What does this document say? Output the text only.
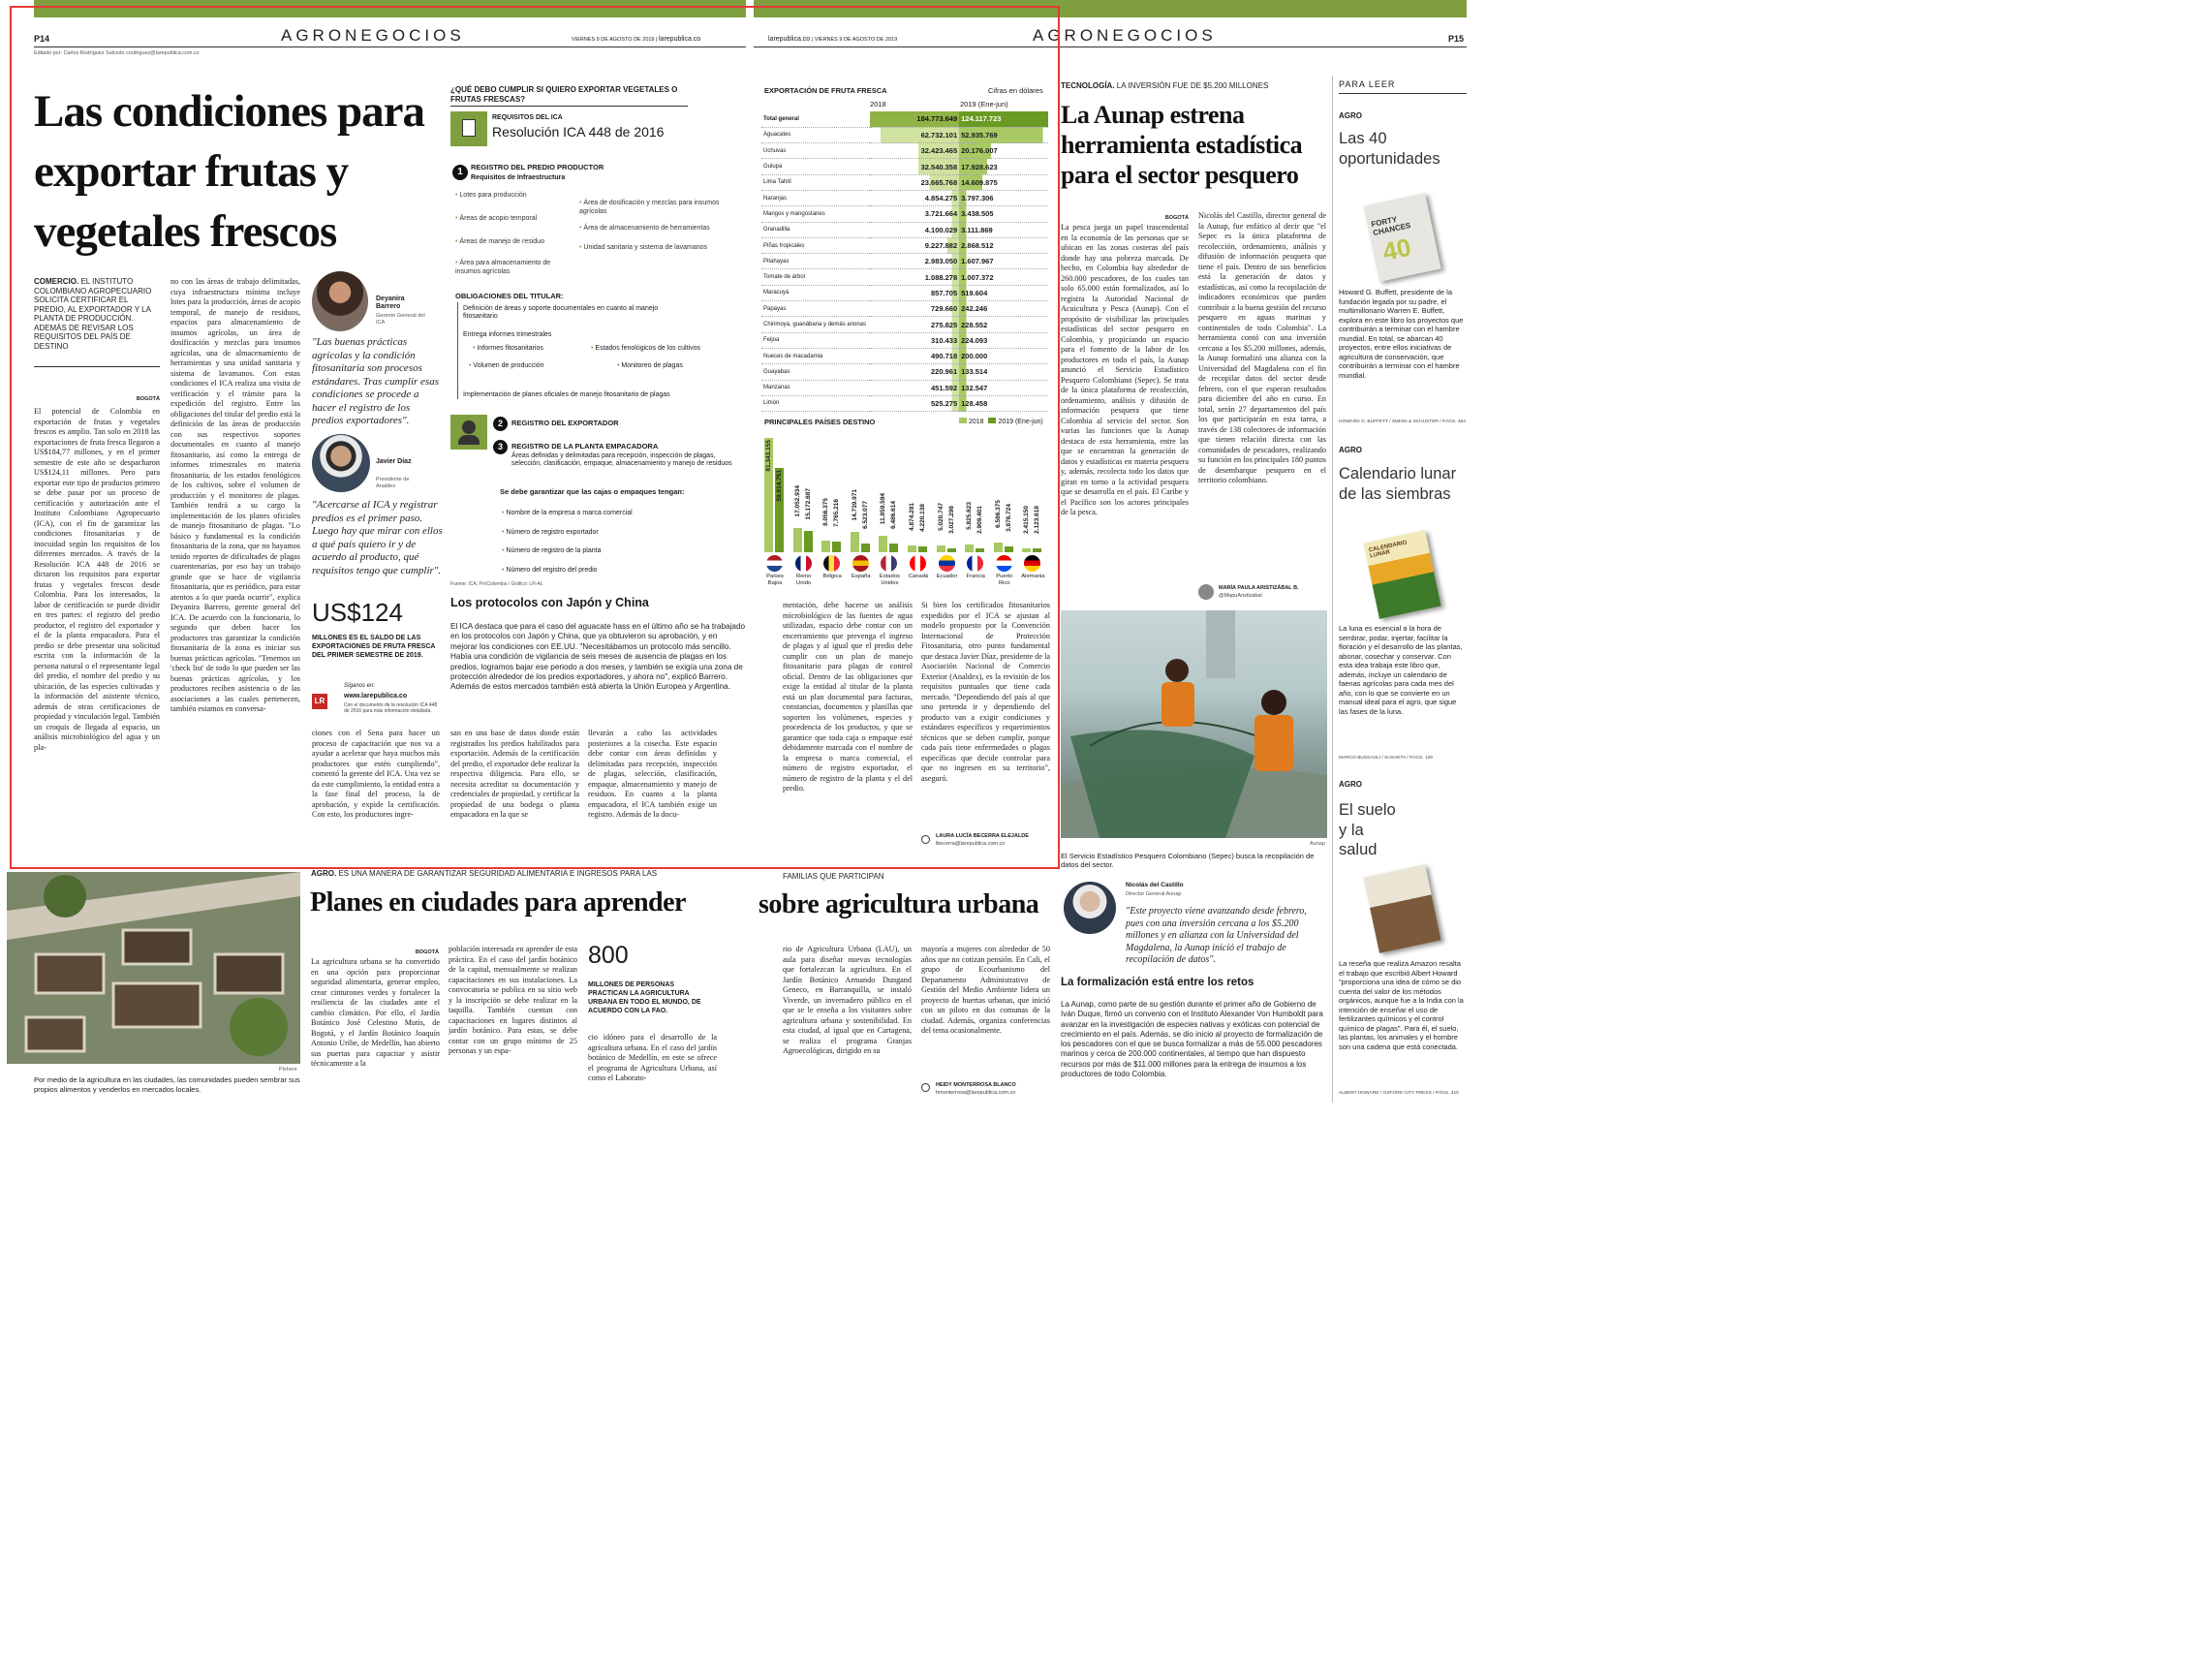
P14	AGRONEGOCIOS	VIERNES 9 DE AGOSTO DE 2019 | larepublica.co
Editado por: Carlos Rodríguez Salcedo crodriguez@larepublica.com.co
Las condiciones para exportar frutas y vegetales frescos
COMERCIO. EL INSTITUTO COLOMBIANO AGROPECUARIO SOLICITA CERTIFICAR EL PREDIO, AL EXPORTADOR Y LA PLANTA DE PRODUCCIÓN. ADEMÁS DE REVISAR LOS REQUISITOS DEL PAÍS DE DESTINO
BOGOTÁ
El potencial de Colombia en exportación de frutas y vegetales frescos es amplio. Tan solo en 2018 las exportaciones de fruta fresca llegaron a US$184,77 millones, y en el primer semestre de este año se despacharon US$124,11 millones. Pero para exportar este tipo de productos primero se debe pasar por un proceso de certificación y autorización ante el Instituto Colombiano Agropecuario (ICA), con el fin de garantizar las condiciones fitosanitarias y de inocuidad según los requisitos de los diferentes mercados. A través de la Resolución ICA 448 de 2016 se dictaron los requisitos para exportar frutas y vegetales frescos desde Colombia. Para los interesados, la labor de certificación se puede dividir en tres partes: el registro del predio productor, el registro del exportador y el de la planta empacadora. Para el predio se debe presentar una solicitud escrita con la información de la persona natural o el representante legal del predio, el nombre del predio y su ubicación, de las especies cultivadas y la información del asistente técnico, además de otras certificaciones de propiedad y vinculación legal. También un croquis de llegada al espacio, un análisis microbiológico del agua y un pla-
no con las áreas de trabajo delimitadas, cuya infraestructura mínima incluye lotes para la producción, áreas de acopio temporal, de manejo de residuos, espacios para almacenamiento de insumos agrícolas, un área de dosificación y mezclas para insumos agrícolas, una de almacenamiento de herramientas y una unidad sanitaria y sistema de lavamanos. Con estas condiciones el ICA realiza una visita de verificación y el trámite para la expedición del registro. Entre las obligaciones del titular del predio está la definición de las áreas de producción con sus respectivos soportes documentales en cuanto al manejo fitosanitario, así como la entrega de informes trimestrales en materia fitosanitaria, de los estados fenológicos de los cultivos, sobre el volumen de producción y el monitoreo de plagas. También tendrá a su cargo la implementación de los planes oficiales de manejo fitosanitario de plagas. "Lo básico y fundamental es la condición fitosanitaria de la zona, que no hayamos tenido reportes de dificultades de plagas cuarentenarias, por eso hay un trabajo grande que se hace de vigilancia fitosanitaria, que es periódico, para estar atentos a lo que pueda ocurrir", explica Deyanira Barrero, gerente general del ICA. De acuerdo con la funcionaria, lo segundo que deben hacer los productores tras garantizar la condición fitosanitaria de la zona es iniciar sus buenas prácticas agrícolas. "Tenemos un 'check list' de todo lo que pueden ser las buenas prácticas agrícolas, y los productores reciben asistencia o de las asociaciones a las cuales pertenecen, también estamos en conversa-
Deyanira Barrero
Gerente General del ICA
"Las buenas prácticas agrícolas y la condición fitosanitaria son procesos estándares. Tras cumplir esas condiciones se procede a hacer el registro de los predios exportadores".
Javier Díaz
Presidente de Analdex
"Acercarse al ICA y registrar predios es el primer paso. Luego hay que mirar con ellos a qué país quiero ir y de acuerdo al producto, qué requisitos tengo que cumplir".
US$124
MILLONES ES EL SALDO DE LAS EXPORTACIONES DE FRUTA FRESCA DEL PRIMER SEMESTRE DE 2019.
LR
Síganos en:
www.larepublica.co
Con el documento de la resolución ICA 448 de 2016 para más información detallada.
ciones con el Sena para hacer un proceso de capacitación que nos va a ayudar a acelerar que haya muchos más productores que estén cumpliendo", comentó la gerente del ICA. Una vez se da este cumplimiento, la entidad entra a la fase final del proceso, la de aprobación, y expide la certificación. Con esto, los productores ingre-
¿QUÉ DEBO CUMPLIR SI QUIERO EXPORTAR VEGETALES O FRUTAS FRESCAS?
REQUISITOS DEL ICA
Resolución ICA 448 de 2016
1	REGISTRO DEL PREDIO PRODUCTOR
Requisitos de Infraestructura
• Lotes para producción
• Áreas de acopio temporal
• Áreas de manejo de residuo
• Área para almacenamiento de insumos agrícolas
• Área de dosificación y mezclas para insumos agrícolas
• Área de almacenamiento de herramientas
• Unidad sanitaria y sistema de lavamanos
OBLIGACIONES DEL TITULAR:
Definición de áreas y soporte documentales en cuanto al manejo fitosanitario
Entrega informes trimestrales
• Informes fitosanitarios	• Estados fenológicos de los cultivos
• Volumen de producción	• Monitoreo de plagas
Implementación de planes oficiales de manejo fitosanitario de plagas
2	REGISTRO DEL EXPORTADOR
3	REGISTRO DE LA PLANTA EMPACADORA
Áreas definidas y delimitadas para recepción, inspección de plagas, selección, clasificación, empaque, almacenamiento y manejo de residuos
Se debe garantizar que las cajas o empaques tengan:
• Nombre de la empresa o marca comercial
• Número de registro exportador
• Número de registro de la planta
• Número del registro del predio
Fuente: ICA, ProColombia / Gráfico: LR-AL
Los protocolos con Japón y China
El ICA destaca que para el caso del aguacate hass en el último año se ha trabajado en los protocolos con Japón y China, que ya obtuvieron su aprobación, y en mejorar los condiciones con EE.UU. "Necesitábamos un protocolo más sencillo. Había una condición de vigilancia de seis meses de ausencia de plagas en los predios, logramos bajar ese periodo a dos meses, y también se exigía una zona de protección alrededor de los predios exportadores, y ahora no", explicó Barrero. Además de estos mercados también está abierta la Unión Europea y Argentina.
san en una base de datos donde están registrados los predios habilitados para exportación. Además de la certificación del predio, el exportador debe realizar la respectiva diligencia. Para ello, se necesita acreditar su documentación y credenciales de propiedad, y certificar la propiedad de una bodega o planta empacadora en la que se
llevarán a cabo las actividades posteriores a la cosecha. Este espacio debe contar con áreas definidas y delimitadas para recepción, inspección de plagas, selección, clasificación, empaque, almacenamiento y manejo de residuos. En cuanto a la planta empacadora, el ICA también exige un registro. Además de la docu-
larepublica.co | VIERNES 9 DE AGOSTO DE 2019	AGRONEGOCIOS	P15
EXPORTACIÓN DE FRUTA FRESCA	Cifras en dólares
2018	2019 (Ene-jun)
Total general	184.773.649	124.117.723
Aguacates	62.732.101	52.935.769
Uchuvas	32.423.465	20.176.007
Gulupa	32.540.358	17.928.623
Lima Tahití	23.665.768	14.609.875
Naranjas	4.854.275	3.797.306
Mangos y mangostanes	3.721.664	3.438.505
Granadilla	4.100.029	3.111.869
Piñas tropicales	9.227.882	2.868.512
Pitahayas	2.983.050	1.607.967
Tomate de árbol	1.088.278	1.007.372
Maracuyá	857.705	519.604
Papayas	729.660	242.246
Chirimoya, guanábana y demás anonas	275.825	228.552
Feijoa	310.433	224.093
Nueces de macadamia	490.718	200.000
Guayabas	220.961	133.514
Manzanas	451.592	132.547
Limón	525.275	128.458
PRINCIPALES PAÍSES DESTINO	2018 2019 (Ene-jun)
81.343.155
59.914.751
Países Bajos
17.052.934 15.172.687
Reino Unido
8.056.375 7.765.216
Bélgica
14.739.971 6.523.077
España
11.859.594 6.486.614
Estados Unidos
4.874.291 4.220.138
Canadá
5.020.747 3.027.298
Ecuador
5.825.623 2.909.401
Francia
6.586.375 3.876.724
Puerto Rico
2.415.150 2.123.618
Alemania
mentación, debe hacerse un análisis microbiológico de las fuentes de agua utilizadas, espacio debe contar con un encerramiento que prevenga el ingreso de plagas y al igual que el predio debe cumplir con un plan de manejo fitosanitario para plagas de control oficial. Dentro de las obligaciones que exige la entidad al titular de la planta está un plan documental para facturas, constancias, documentos y planillas que soporten los volúmenes, especies y procedencia de los productos, y que se garantice que toda caja o empaque esté debidamente marcada con el nombre de la empresa o marca comercial, el número de registro exportador, el número de registro de la planta y el del predio.
Si bien los certificados fitosanitarios expedidos por el ICA se ajustan al modelo propuesto por la Convención Internacional de Protección Fitosanitaria, otro punto fundamental que destaca Javier Díaz, presidente de la Asociación Nacional de Comercio Exterior (Analdex), es la revisión de los requisitos puntuales que tiene cada mercado. "Dependiendo del país al que uno pretenda ir y dependiendo del producto van a exigir condiciones y estándares específicos y requerimientos técnicos que se deben cumplir, porque cada país tiene enfermedades o plagas específicas que decide controlar para que no ingresen en su territorio", aseguró.
LAURA LUCÍA BECERRA ELEJALDE
lbecerra@larepublica.com.co
TECNOLOGÍA. LA INVERSIÓN FUE DE $5.200 MILLONES
La Aunap estrena herramienta estadística para el sector pesquero
BOGOTÁ
La pesca juega un papel trascendental en la economía de las personas que se ubican en las zonas costeras del país donde hay una pobreza marcada. De hecho, en Colombia hay alrededor de 260.000 pescadores, de los cuales tan solo 65.000 están formalizados, así lo registra la Autoridad Nacional de Acuicultura y Pesca (Aunap). Con el propósito de visibilizar las principales estadísticas del sector pesquero en Colombia, y propiciando un espacio para el fomento de la labor de los productores en todo el país, la Aunap anunció el Servicio Estadístico Pesquero Colombiano (Sepec). Se trata de la única plataforma de recolección, ordenamiento, análisis y difusión de información pesquera que tiene Colombia al servicio del sector. Son varias las funciones que la Aunap destaca de esta herramienta, entre las que se encuentran la generación de datos y estadísticas en materia pesquera y, además, recolecta todo los datos que giran en torno a la actividad pesquera que se desarrolla en el país. El Caribe y el Pacífico son los actores principales de la pesca.
Nicolás del Castillo, director general de la Aunap, fue enfático al decir que "el Sepec es la única plataforma de recolección, ordenamiento, análisis y difusión de información pesquera que tiene el país. Dentro de sus beneficios está la generación de datos y estadísticas, así como la recopilación de indicadores económicos que pueden contribuir a la buena gestión del recurso pesquero en aguas marinas y continentales de todo Colombia". La herramienta contó con una inversión cercana a los $5.200 millones, además, la Aunap formalizó una alianza con la Universidad del Magdalena con el fin de recopilar datos del sector desde febrero, con el que esperan resultados para diciembre del año en curso. En total, serán 27 departamentos del país los que participarán en esta tarea, a través de 138 colectores de información que tienen relación directa con las comunidades de pescadores, realizando su función en los principales 180 puntos de desembarque pesquero en el territorio colombiano.
MARÍA PAULA ARISTIZÁBAL B.
@MapuAristizabal
Aunap
El Servicio Estadístico Pesquero Colombiano (Sepec) busca la recopilación de datos del sector.
Nicolás del Castillo
Director General Aunap
"Este proyecto viene avanzando desde febrero, pues con una inversión cercana a los $5.200 millones y en alianza con la Universidad del Magdalena, la Aunap inició el trabajo de recopilación de datos".
La formalización está entre los retos
La Aunap, como parte de su gestión durante el primer año de Gobierno de Iván Duque, firmó un convenio con el Instituto Alexander Von Humboldt para avanzar en la investigación de especies nativas y exóticas con potencial de crecimiento en el país. Además, se dio inicio al proyecto de formalización de los pescadores con el que se busca formalizar a más de 55.000 pescadores marinos y cerca de 200.000 continentales, al tiempo que han dispuesto recursos por más de $11.000 millones para la entrega de insumos a los productores de todo Colombia.
PARA LEER
AGRO
Las 40 oportunidades
FORTY CHANCES
40
Howard G. Buffett, presidente de la fundación legada por su padre, el multimillonario Warren E. Buffett, explora en este libro los proyectos que contribuirán a terminar con el hambre mundial. En total, se abarcan 40 proyectos, entre ellos iniciativas de agricultura de conservación, que contribuirán a terminar con el hambre mundial.
HOWARD G. BUFFETT / SIMON & SCHUSTER / PÁGS. 464
AGRO
Calendario lunar de las siembras
CALENDARIO LUNAR
La luna es esencial a la hora de sembrar, podar, injertar, facilitar la floración y el desarrollo de las plantas, abonar, cosechar y conservar. Con esta idea trabaja este libro que, además, incluye un calendario de faenas agrícolas para cada mes del año, con lo que se convierte en un manual ideal para el agro, que sigue las fases de la luna.
MARCO BUSSAGLI / SUSAETA / PÁGS. 128
AGRO
El suelo y la salud
La reseña que realiza Amazon resalta el trabajo que escribió Albert Howard "proporciona una idea de cómo se dio cuenta del valor de los métodos orgánicos, aunque fue a la India con la intención de enseñar el uso de fertilizantes químicos y el control químico de plagas". Para él, el suelo, las plantas, los animales y el hombre son una cadena que está conectada.
ALBERT HOWARD / OXFORD CITY PRESS / PÁGS. 310
Pixhere
Por medio de la agricultura en las ciudades, las comunidades pueden sembrar sus propios alimentos y venderlos en mercados locales.
AGRO. ES UNA MANERA DE GARANTIZAR SEGURIDAD ALIMENTARIA E INGRESOS PARA LAS
Planes en ciudades para aprender
BOGOTÁ
La agricultura urbana se ha convertido en una opción para proporcionar seguridad alimentaria, generar empleo, crear cinturones verdes y fortalecer la resiliencia de las ciudades ante el cambio climático. Por ello, el Jardín Botánico José Celestino Mutis, de Bogotá, y el Jardín Botánico Joaquín Antonio Uribe, de Medellín, han abierto sus puertas para capacitar y asistir técnicamente a la
población interesada en aprender de esta práctica. En el caso del jardín botánico de la capital, mensualmente se realizan capacitaciones en sus instalaciones. La convocatoria se publica en su sitio web y la inscripción se debe realizar en la taquilla. También cuentan con capacitaciones en lugares distintos al jardín botánico. Para estas, se debe contar con un grupo mínimo de 25 personas y un espa-
800
MILLONES DE PERSONAS PRACTICAN LA AGRICULTURA URBANA EN TODO EL MUNDO, DE ACUERDO CON LA FAO.
cio idóneo para el desarrollo de la agricultura urbana. En el caso del jardín botánico de Medellín, en este se ofrece el programa de Agricultura Urbana, así como el Laborato-
FAMILIAS QUE PARTICIPAN
sobre agricultura urbana
rio de Agricultura Urbana (LAU), un aula para diseñar nuevas tecnologías que fortalezcan la agricultura. En el Jardín Botánico Armando Dungand Geneco, en Barranquilla, se instaló Viverde, un invernadero público en el que se le enseña a los visitantes sobre agricultura urbana y sostenibilidad. En esta ciudad, al igual que en Cartagena, se realiza el programa Granjas Agroecológicas, dirigido en su
mayoría a mujeres con alrededor de 50 años que no cotizan pensión. En Cali, el grupo de Ecourbanismo del Departamento Administrativo de Gestión del Medio Ambiente lidera un proyecto de huertas urbanas, que inició con un piloto en dos comunas de la ciudad. Además, organiza conferencias del tema ocasionalmente.
HEIDY MONTERROSA BLANCO
hmonterrosa@larepublica.com.co
